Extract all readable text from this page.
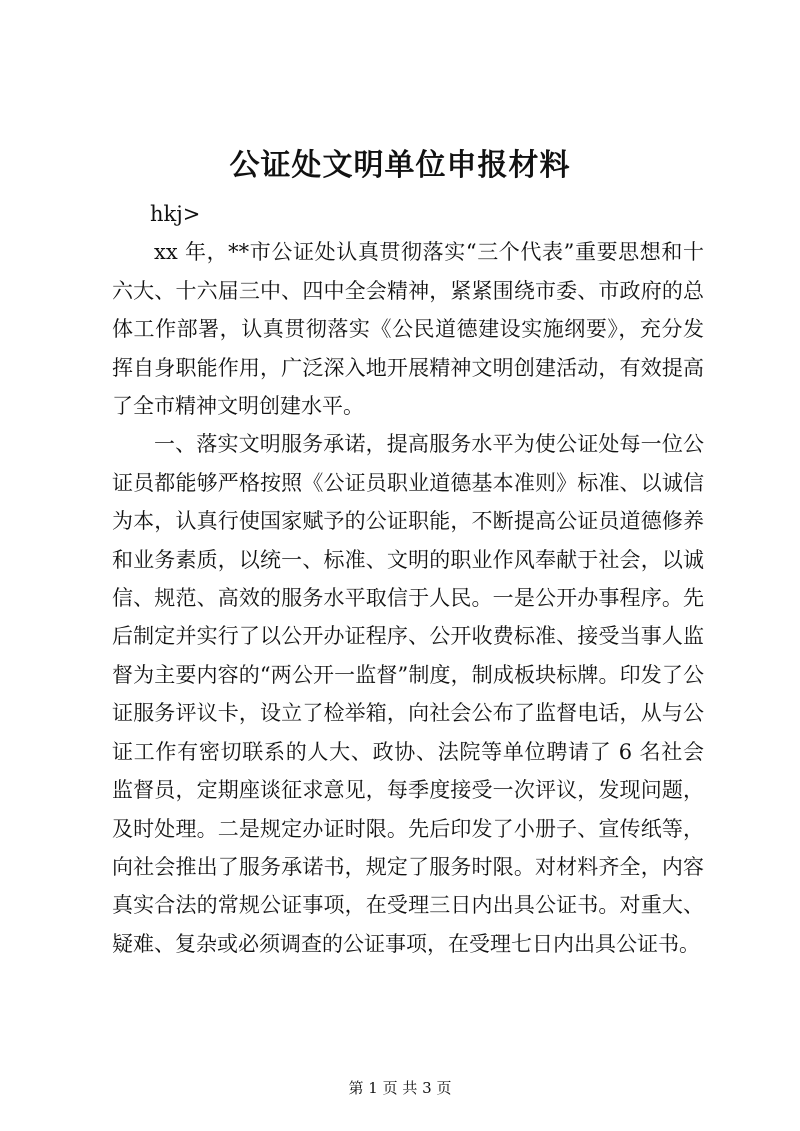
公证处文明单位申报材料

hkj>

xx 年，**市公证处认真贯彻落实“三个代表”重要思想和十六大、十六届三中、四中全会精神，紧紧围绕市委、市政府的总体工作部署，认真贯彻落实《公民道德建设实施纲要》，充分发挥自身职能作用，广泛深入地开展精神文明创建活动，有效提高了全市精神文明创建水平。

一、落实文明服务承诺，提高服务水平为使公证处每一位公证员都能够严格按照《公证员职业道德基本准则》标准、以诚信为本，认真行使国家赋予的公证职能，不断提高公证员道德修养和业务素质，以统一、标准、文明的职业作风奉献于社会，以诚信、规范、高效的服务水平取信于人民。一是公开办事程序。先后制定并实行了以公开办证程序、公开收费标准、接受当事人监督为主要内容的“两公开一监督”制度，制成板块标牌。印发了公证服务评议卡，设立了检举箱，向社会公布了监督电话，从与公证工作有密切联系的人大、政协、法院等单位聘请了 6 名社会监督员，定期座谈征求意见，每季度接受一次评议，发现问题，及时处理。二是规定办证时限。先后印发了小册子、宣传纸等，向社会推出了服务承诺书，规定了服务时限。对材料齐全，内容真实合法的常规公证事项，在受理三日内出具公证书。对重大、疑难、复杂或必须调查的公证事项，在受理七日内出具公证书。

第 1 页 共 3 页
